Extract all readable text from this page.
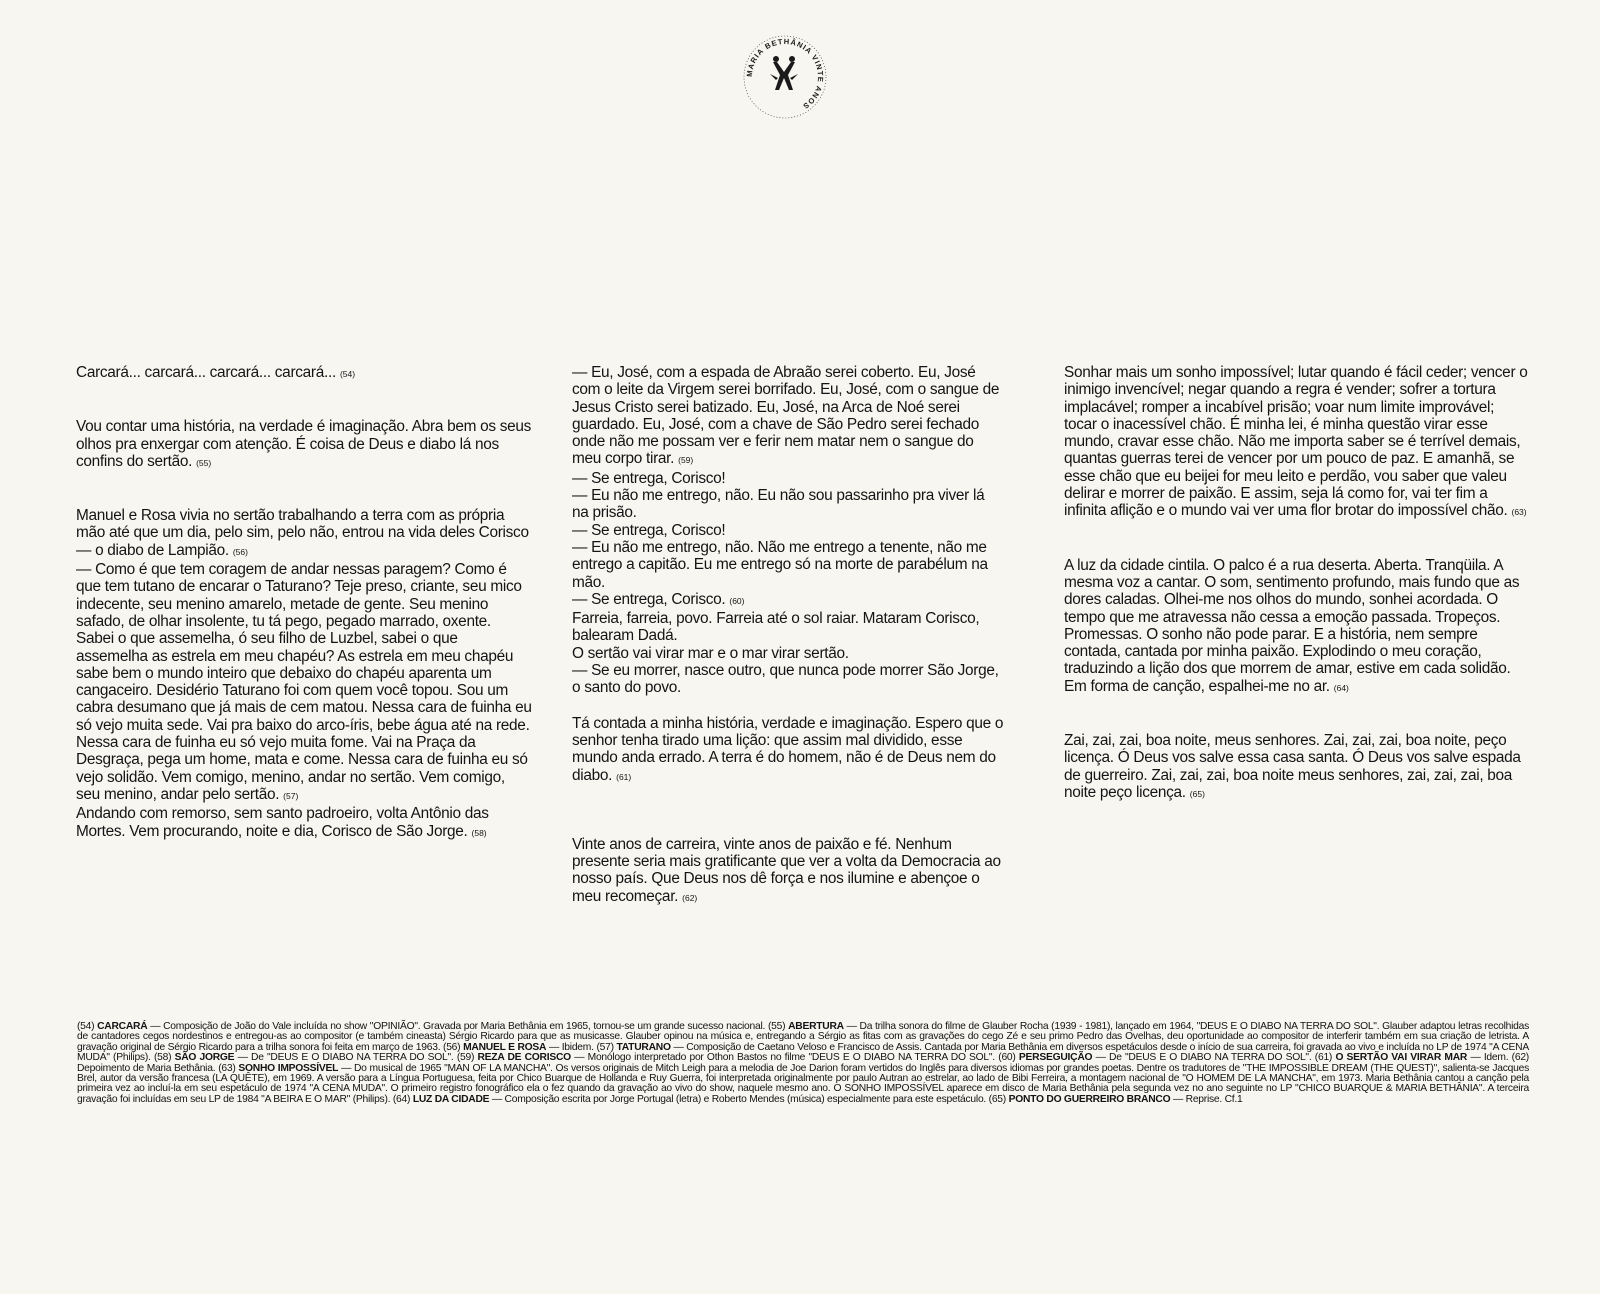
MARIA BETHÂNIA VINTE ANOS

Carcará... carcará... carcará... carcará... (54)

Vou contar uma história, na verdade é imaginação. Abra bem os seus olhos pra enxergar com atenção. É coisa de Deus e diabo lá nos confins do sertão. (55)

Manuel e Rosa vivia no sertão trabalhando a terra com as própria mão até que um dia, pelo sim, pelo não, entrou na vida deles Corisco — o diabo de Lampião. (56)

— Como é que tem coragem de andar nessas paragem? Como é que tem tutano de encarar o Taturano? Teje preso, criante, seu mico indecente, seu menino amarelo, metade de gente. Seu menino safado, de olhar insolente, tu tá pego, pegado marrado, oxente. Sabei o que assemelha, ó seu filho de Luzbel, sabei o que assemelha as estrela em meu chapéu? As estrela em meu chapéu sabe bem o mundo inteiro que debaixo do chapéu aparenta um cangaceiro. Desidério Taturano foi com quem você topou. Sou um cabra desumano que já mais de cem matou. Nessa cara de fuinha eu só vejo muita sede. Vai pra baixo do arco-íris, bebe água até na rede. Nessa cara de fuinha eu só vejo muita fome. Vai na Praça da Desgraça, pega um home, mata e come. Nessa cara de fuinha eu só vejo solidão. Vem comigo, menino, andar no sertão. Vem comigo, seu menino, andar pelo sertão. (57)

Andando com remorso, sem santo padroeiro, volta Antônio das Mortes. Vem procurando, noite e dia, Corisco de São Jorge. (58)

— Eu, José, com a espada de Abraão serei coberto. Eu, José com o leite da Virgem serei borrifado. Eu, José, com o sangue de Jesus Cristo serei batizado. Eu, José, na Arca de Noé serei guardado. Eu, José, com a chave de São Pedro serei fechado onde não me possam ver e ferir nem matar nem o sangue do meu corpo tirar. (59)

— Se entrega, Corisco!

— Eu não me entrego, não. Eu não sou passarinho pra viver lá na prisão.

— Se entrega, Corisco!

— Eu não me entrego, não. Não me entrego a tenente, não me entrego a capitão. Eu me entrego só na morte de parabélum na mão.

— Se entrega, Corisco. (60)

Farreia, farreia, povo. Farreia até o sol raiar. Mataram Corisco, balearam Dadá.

O sertão vai virar mar e o mar virar sertão.

— Se eu morrer, nasce outro, que nunca pode morrer São Jorge, o santo do povo.

Tá contada a minha história, verdade e imaginação. Espero que o senhor tenha tirado uma lição: que assim mal dividido, esse mundo anda errado. A terra é do homem, não é de Deus nem do diabo. (61)

Vinte anos de carreira, vinte anos de paixão e fé. Nenhum presente seria mais gratificante que ver a volta da Democracia ao nosso país. Que Deus nos dê força e nos ilumine e abençoe o meu recomeçar. (62)

Sonhar mais um sonho impossível; lutar quando é fácil ceder; vencer o inimigo invencível; negar quando a regra é vender; sofrer a tortura implacável; romper a incabível prisão; voar num limite improvável; tocar o inacessível chão. É minha lei, é minha questão virar esse mundo, cravar esse chão. Não me importa saber se é terrível demais, quantas guerras terei de vencer por um pouco de paz. E amanhã, se esse chão que eu beijei for meu leito e perdão, vou saber que valeu delirar e morrer de paixão. E assim, seja lá como for, vai ter fim a infinita aflição e o mundo vai ver uma flor brotar do impossível chão. (63)

A luz da cidade cintila. O palco é a rua deserta. Aberta. Tranqüila. A mesma voz a cantar. O som, sentimento profundo, mais fundo que as dores caladas. Olhei-me nos olhos do mundo, sonhei acordada. O tempo que me atravessa não cessa a emoção passada. Tropeços. Promessas. O sonho não pode parar. E a história, nem sempre contada, cantada por minha paixão. Explodindo o meu coração, traduzindo a lição dos que morrem de amar, estive em cada solidão. Em forma de canção, espalhei-me no ar. (64)

Zai, zai, zai, boa noite, meus senhores. Zai, zai, zai, boa noite, peço licença. Ó Deus vos salve essa casa santa. Ó Deus vos salve espada de guerreiro. Zai, zai, zai, boa noite meus senhores, zai, zai, zai, boa noite peço licença. (65)

(54) CARCARÁ — Composição de João do Vale incluída no show "OPINIÃO". Gravada por Maria Bethânia em 1965, tornou-se um grande sucesso nacional. (55) ABERTURA — Da trilha sonora do filme de Glauber Rocha (1939 - 1981), lançado em 1964, "DEUS E O DIABO NA TERRA DO SOL". Glauber adaptou letras recolhidas de cantadores cegos nordestinos e entregou-as ao compositor (e também cineasta) Sérgio Ricardo para que as musicasse. Glauber opinou na música e, entregando a Sérgio as fitas com as gravações do cego Zé e seu primo Pedro das Ovelhas, deu oportunidade ao compositor de interferir também em sua criação de letrista. A gravação original de Sérgio Ricardo para a trilha sonora foi feita em março de 1963. (56) MANUEL E ROSA — Ibidem. (57) TATURANO — Composição de Caetano Veloso e Francisco de Assis. Cantada por Maria Bethânia em diversos espetáculos desde o início de sua carreira, foi gravada ao vivo e incluída no LP de 1974 "A CENA MUDA" (Philips). (58) SÃO JORGE — De "DEUS E O DIABO NA TERRA DO SOL". (59) REZA DE CORISCO — Monólogo interpretado por Othon Bastos no filme "DEUS E O DIABO NA TERRA DO SOL". (60) PERSEGUIÇÃO — De "DEUS E O DIABO NA TERRA DO SOL". (61) O SERTÃO VAI VIRAR MAR — Idem. (62) Depoimento de Maria Bethânia. (63) SONHO IMPOSSÍVEL — Do musical de 1965 "MAN OF LA MANCHA". Os versos originais de Mitch Leigh para a melodia de Joe Darion foram vertidos do Inglês para diversos idiomas por grandes poetas. Dentre os tradutores de "THE IMPOSSIBLE DREAM (THE QUEST)", salienta-se Jacques Brel, autor da versão francesa (LA QUÊTE), em 1969. A versão para a Língua Portuguesa, feita por Chico Buarque de Hollanda e Ruy Guerra, foi interpretada originalmente por paulo Autran ao estrelar, ao lado de Bibi Ferreira, a montagem nacional de "O HOMEM DE LA MANCHA", em 1973. Maria Bethânia cantou a canção pela primeira vez ao incluí-la em seu espetáculo de 1974 "A CENA MUDA". O primeiro registro fonográfico ela o fez quando da gravação ao vivo do show, naquele mesmo ano. O SONHO IMPOSSÍVEL aparece em disco de Maria Bethânia pela segunda vez no ano seguinte no LP "CHICO BUARQUE & MARIA BETHÂNIA". A terceira gravação foi incluídas em seu LP de 1984 "A BEIRA E O MAR" (Philips). (64) LUZ DA CIDADE — Composição escrita por Jorge Portugal (letra) e Roberto Mendes (música) especialmente para este espetáculo. (65) PONTO DO GUERREIRO BRANCO — Reprise. Cf.1
